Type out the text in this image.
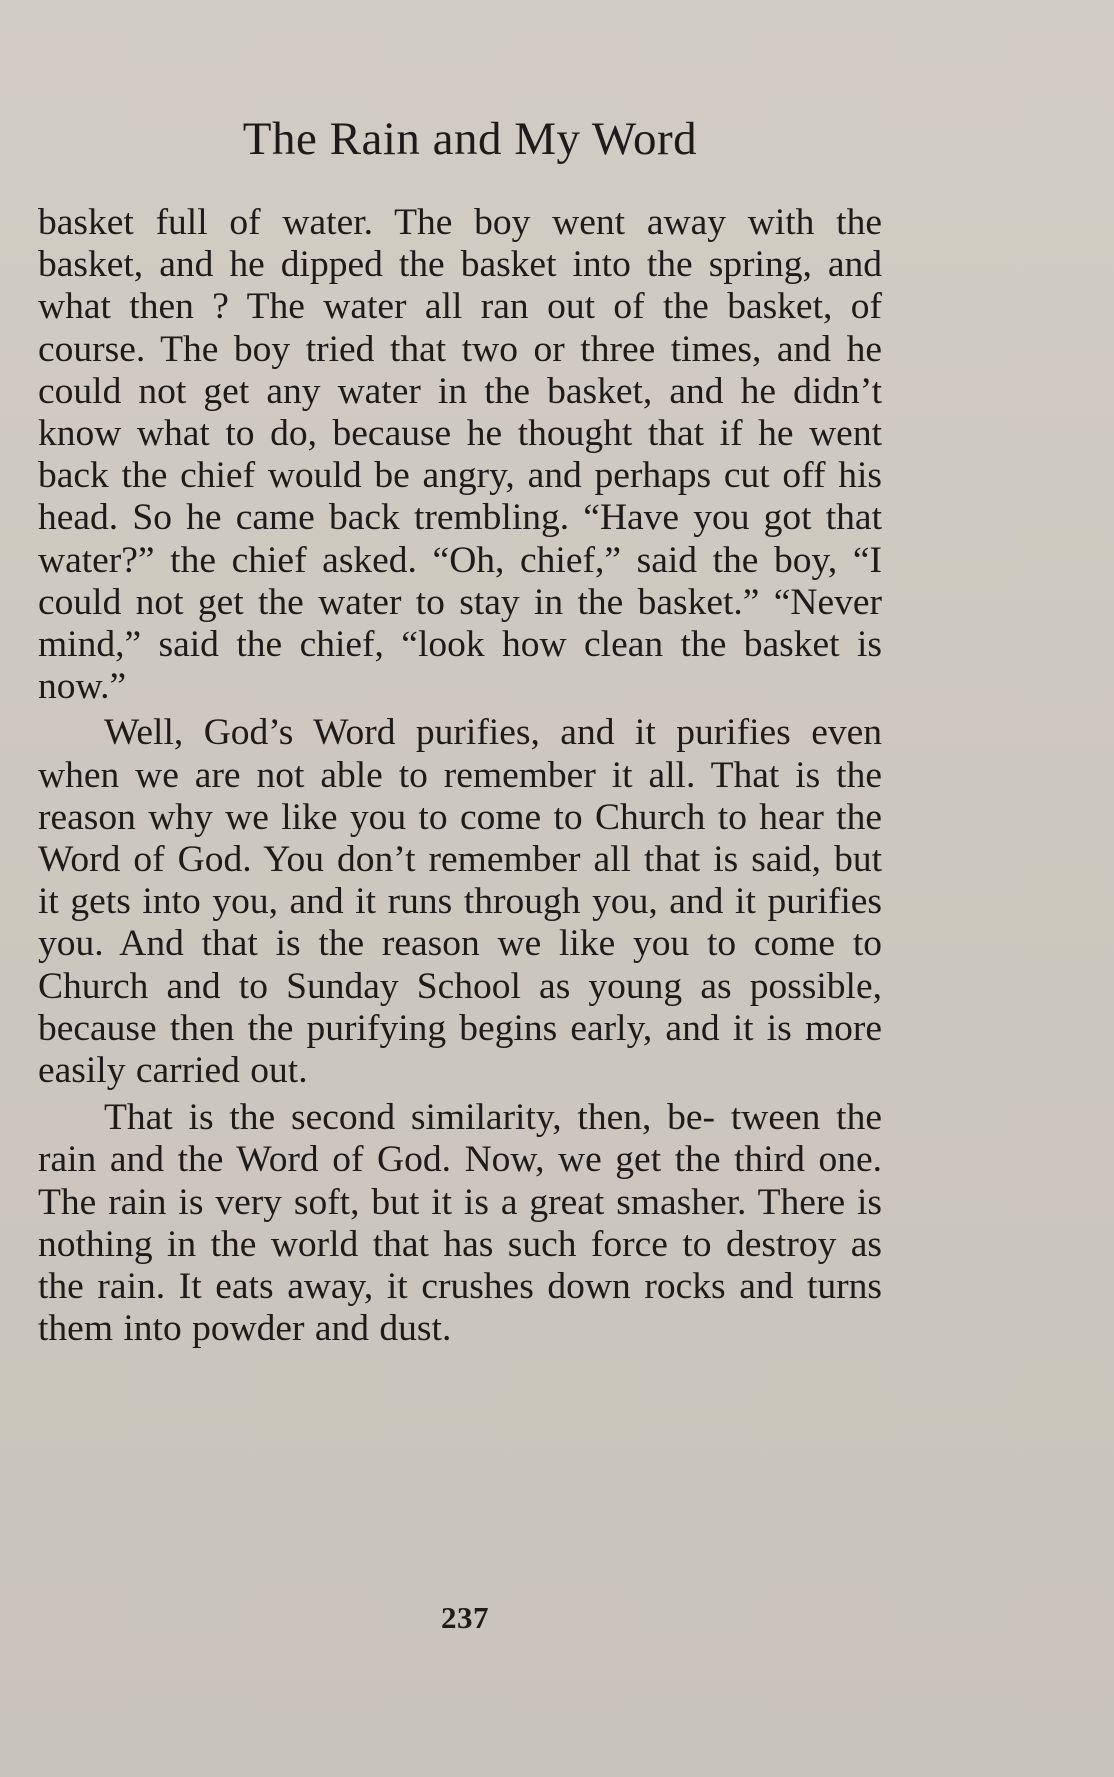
The Rain and My Word

basket full of water. The boy went away with the basket, and he dipped the basket into the spring, and what then ? The water all ran out of the basket, of course. The boy tried that two or three times, and he could not get any water in the basket, and he didn’t know what to do, because he thought that if he went back the chief would be angry, and perhaps cut off his head. So he came back trembling. “Have you got that water?” the chief asked. “Oh, chief,” said the boy, “I could not get the water to stay in the basket.” “Never mind,” said the chief, “look how clean the basket is now.”

Well, God’s Word purifies, and it purifies even when we are not able to remember it all. That is the reason why we like you to come to Church to hear the Word of God. You don’t remember all that is said, but it gets into you, and it runs through you, and it purifies you. And that is the reason we like you to come to Church and to Sunday School as young as possible, because then the purifying begins early, and it is more easily carried out.

That is the second similarity, then, be- tween the rain and the Word of God. Now, we get the third one. The rain is very soft, but it is a great smasher. There is nothing in the world that has such force to destroy as the rain. It eats away, it crushes down rocks and turns them into powder and dust.

237
